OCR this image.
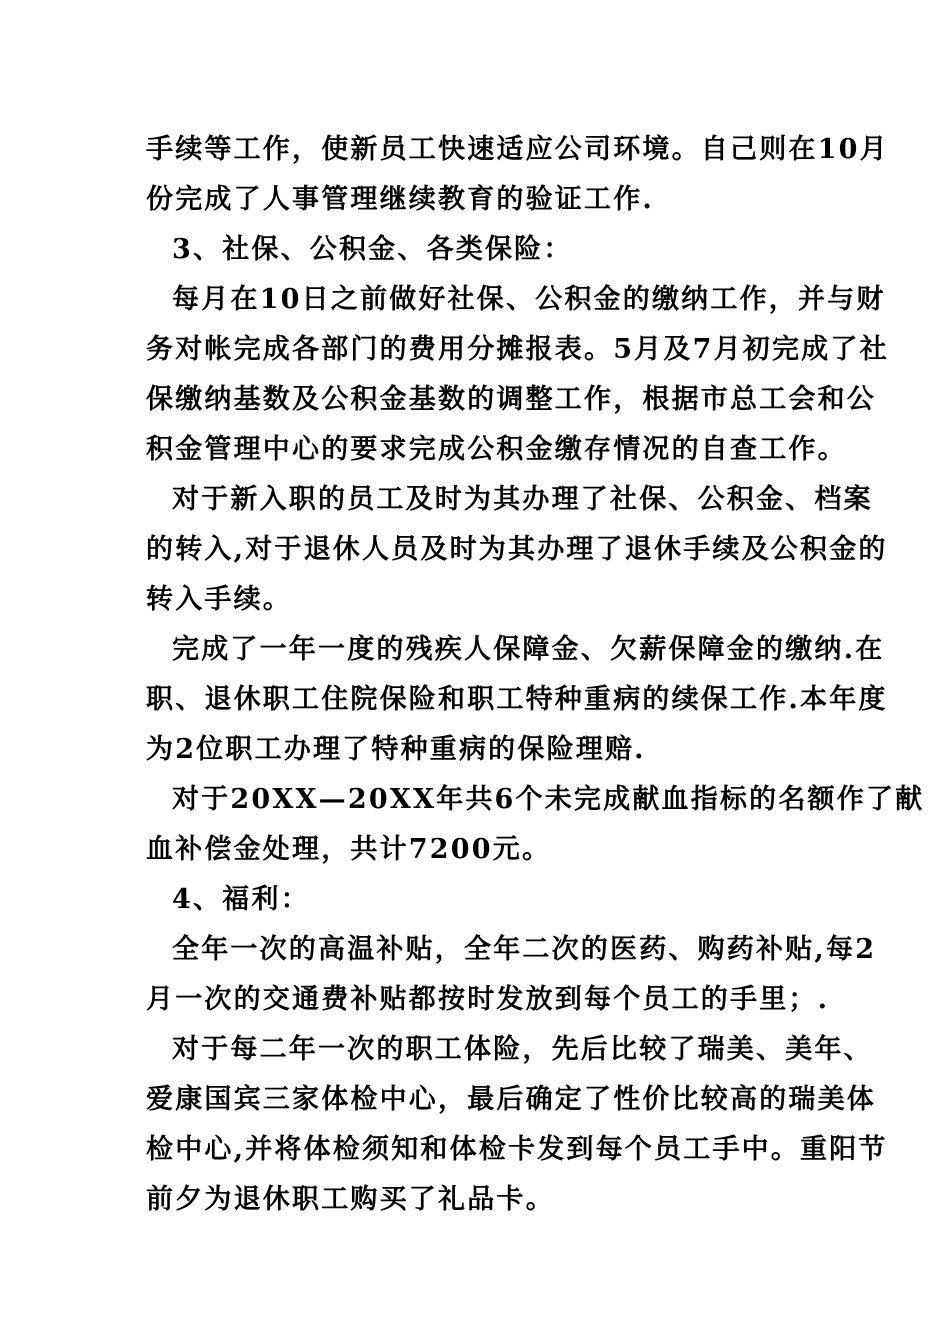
手续等工作，使新员工快速适应公司环境。自己则在10月
份完成了人事管理继续教育的验证工作.
3、社保、公积金、各类保险：
每月在10日之前做好社保、公积金的缴纳工作，并与财
务对帐完成各部门的费用分摊报表。5月及7月初完成了社
保缴纳基数及公积金基数的调整工作，根据市总工会和公
积金管理中心的要求完成公积金缴存情况的自查工作。
对于新入职的员工及时为其办理了社保、公积金、档案
的转入,对于退休人员及时为其办理了退休手续及公积金的
转入手续。
完成了一年一度的残疾人保障金、欠薪保障金的缴纳.在
职、退休职工住院保险和职工特种重病的续保工作.本年度
为2位职工办理了特种重病的保险理赔.
对于20XX—20XX年共6个未完成献血指标的名额作了献
血补偿金处理，共计7200元。
4、福利：
全年一次的高温补贴，全年二次的医药、购药补贴,每2
月一次的交通费补贴都按时发放到每个员工的手里；.
对于每二年一次的职工体险，先后比较了瑞美、美年、
爱康国宾三家体检中心，最后确定了性价比较高的瑞美体
检中心,并将体检须知和体检卡发到每个员工手中。重阳节
前夕为退休职工购买了礼品卡。
